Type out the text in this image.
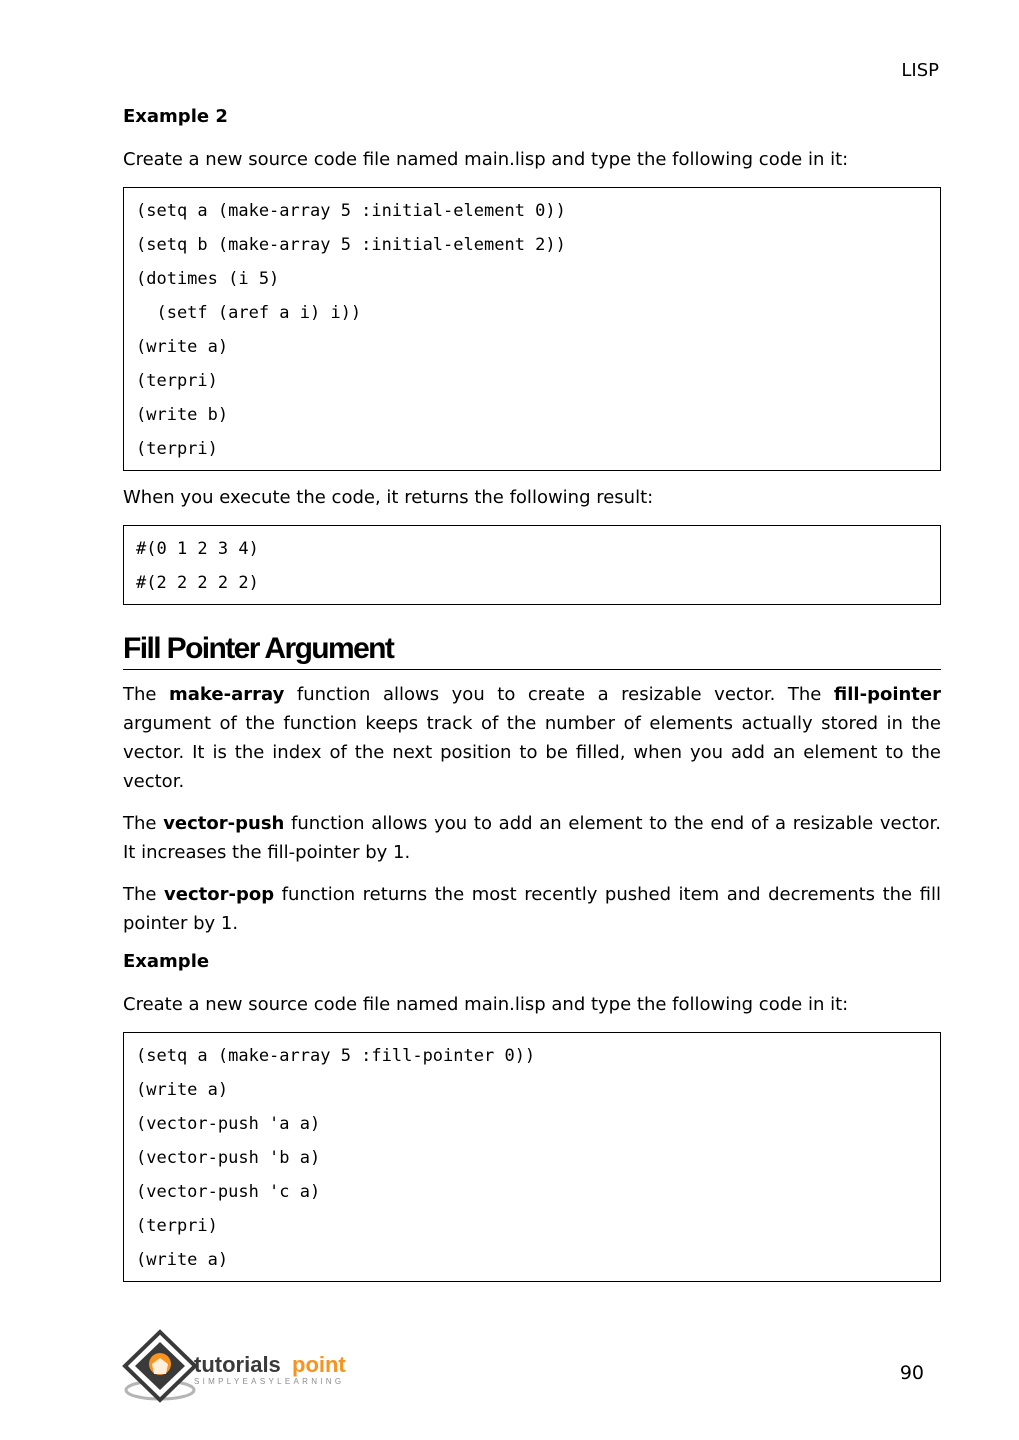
LISP
Example 2

Create a new source code file named main.lisp and type the following code in it:

(setq a (make-array 5 :initial-element 0))
(setq b (make-array 5 :initial-element 2))
(dotimes (i 5)
(setf (aref a i) i))
(write a)
(terpri)
(write b)
(terpri)

When you execute the code, it returns the following result:

#(0 1 2 3 4)
#(2 2 2 2 2)
Fill Pointer Argument

The make-array function allows you to create a resizable vector. The fill-pointer argument of the function keeps track of the number of elements actually stored in the vector. It is the index of the next position to be filled, when you add an element to the vector.

The vector-push function allows you to add an element to the end of a resizable vector. It increases the fill-pointer by 1.

The vector-pop function returns the most recently pushed item and decrements the fill pointer by 1.

Example

Create a new source code file named main.lisp and type the following code in it:

(setq a (make-array 5 :fill-pointer 0))
(write a)
(vector-push 'a a)
(vector-push 'b a)
(vector-push 'c a)
(terpri)
(write a)
tutorials point
SIMPLYEASYLEARNING	90
